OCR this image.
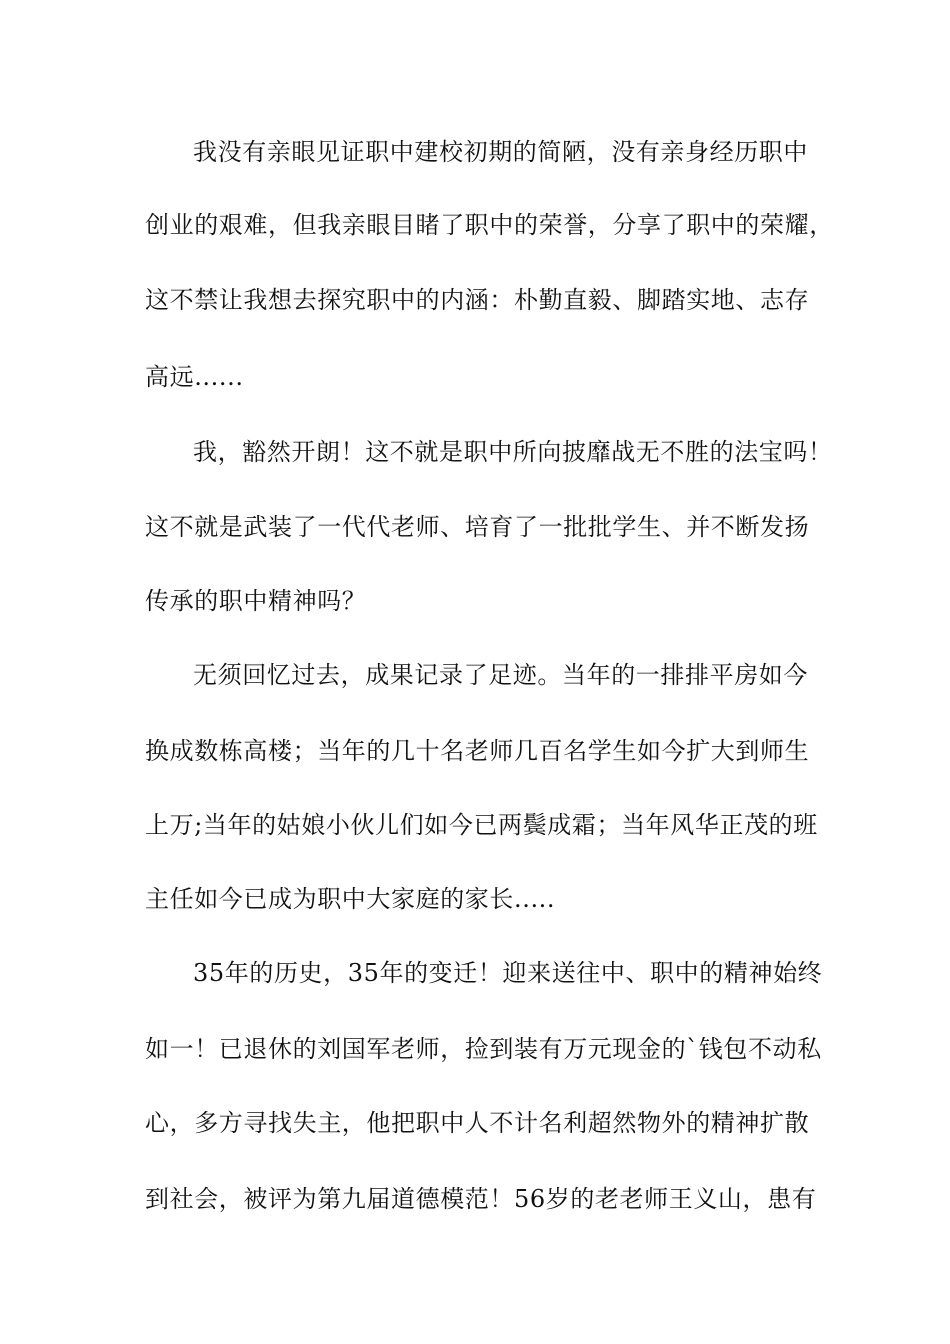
我没有亲眼见证职中建校初期的简陋，没有亲身经历职中

创业的艰难，但我亲眼目睹了职中的荣誉，分享了职中的荣耀，

这不禁让我想去探究职中的内涵：朴勤直毅、脚踏实地、志存

高远......

我，豁然开朗！这不就是职中所向披靡战无不胜的法宝吗！

这不就是武装了一代代老师、培育了一批批学生、并不断发扬

传承的职中精神吗？

无须回忆过去，成果记录了足迹。当年的一排排平房如今

换成数栋高楼；当年的几十名老师几百名学生如今扩大到师生

上万;当年的姑娘小伙儿们如今已两鬓成霜；当年风华正茂的班

主任如今已成为职中大家庭的家长.....

35年的历史，35年的变迁！迎来送往中、职中的精神始终

如一！已退休的刘国军老师，捡到装有万元现金的`钱包不动私

心，多方寻找失主，他把职中人不计名利超然物外的精神扩散

到社会，被评为第九届道德模范！56岁的老老师王义山，患有
